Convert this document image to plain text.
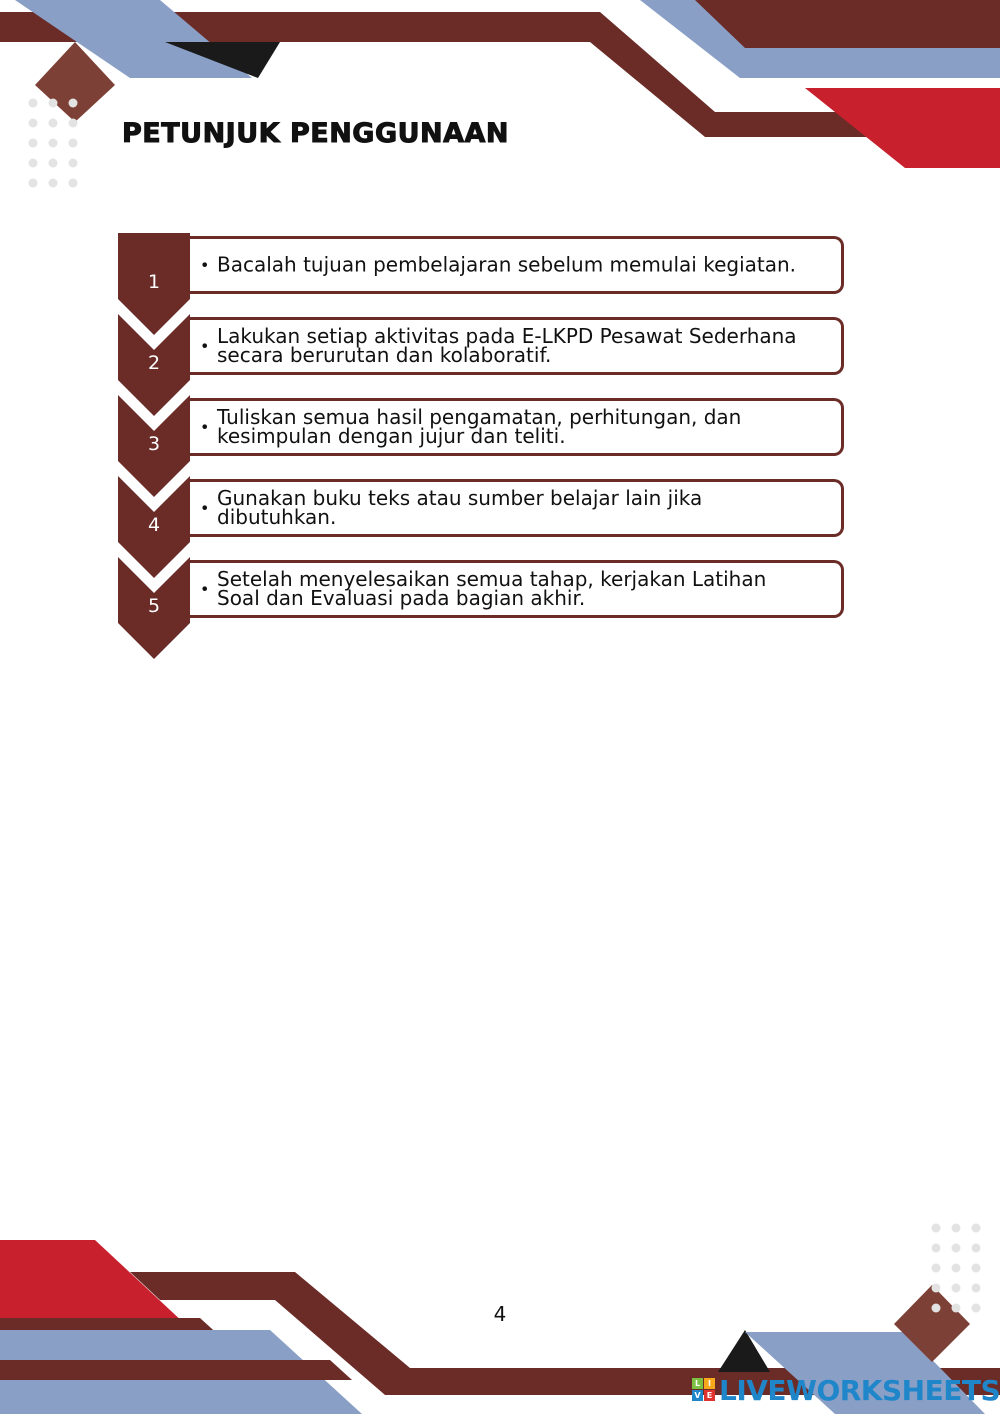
PETUNJUK PENGGUNAAN
1
• Bacalah tujuan pembelajaran sebelum memulai kegiatan.
2
• Lakukan setiap aktivitas pada E-LKPD Pesawat Sederhana
secara berurutan dan kolaboratif.
3
• Tuliskan semua hasil pengamatan, perhitungan, dan
kesimpulan dengan jujur dan teliti.
4
• Gunakan buku teks atau sumber belajar lain jika
dibutuhkan.
5
• Setelah menyelesaikan semua tahap, kerjakan Latihan
Soal dan Evaluasi pada bagian akhir.
4
L I
V E LIVEWORKSHEETS
